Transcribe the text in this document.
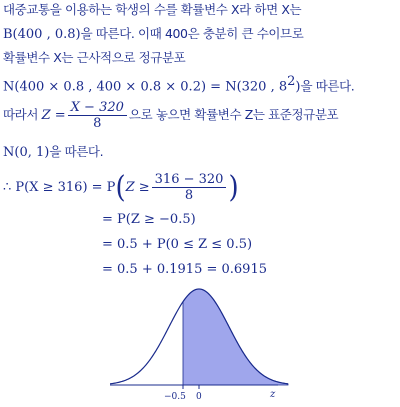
대중교통을 이용하는 학생의 수를 확률변수 X라 하면 X는
B(400 , 0.8)을 따른다. 이때 400은 충분히 큰 수이므로
확률변수 X는 근사적으로 정규분포
N(400 × 0.8 , 400 × 0.8 × 0.2) = N(320 , $8^2$)을 따른다.
따라서 $Z = \frac{X - 320}{8}$ 으로 놓으면 확률변수 Z는 표준정규분포
N(0, 1)을 따른다.
∴ $P(X \ge 316) = P(Z \ge \frac{316 - 320}{8}$ )
= P(Z ≥ −0.5)
= 0.5 + P(0 ≤ Z ≤ 0.5)
= 0.5 + 0.1915 = 0.6915
−0.5 0	z
